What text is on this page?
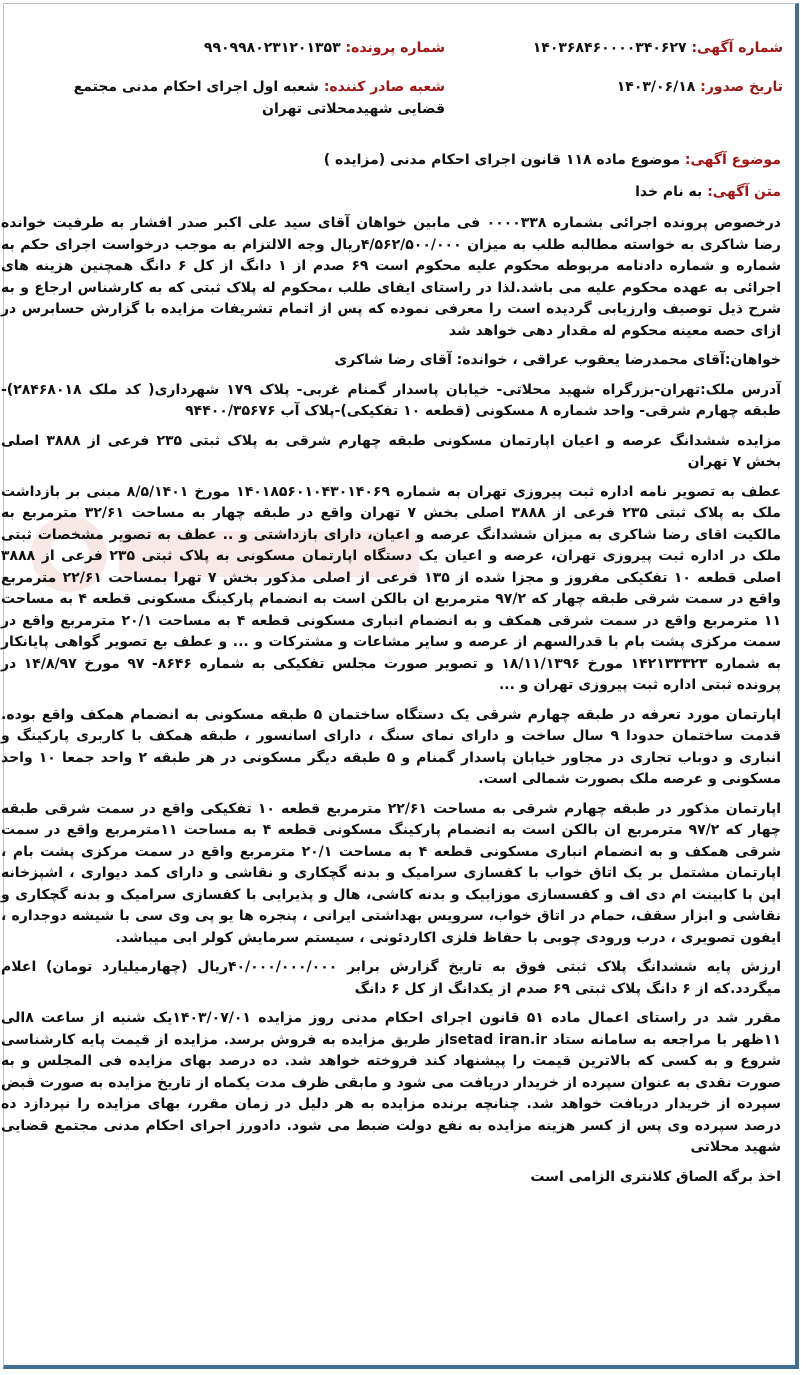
شماره آگهی: ۱۴۰۳۶۸۴۶۰۰۰۰۳۴۰۶۲۷
شماره پرونده: ۹۹۰۹۹۸۰۲۳۱۲۰۱۳۵۳
تاریخ صدور: ۱۴۰۳/۰۶/۱۸
شعبه صادر کننده: شعبه اول اجرای احکام مدنی مجتمع قضایی شهیدمحلاتی تهران

موضوع آگهی: موضوع ماده ۱۱۸ قانون اجرای احکام مدنی (مزایده )

متن آگهی: به نام خدا

درخصوص پرونده اجرائی بشماره ۰۰۰۰۳۳۸ فی مابین خواهان آقای سید علی اکبر صدر افشار به طرفیت خوانده رضا شاکری به خواسته مطالبه طلب به میزان ۴/۵۶۲/۵۰۰/۰۰۰ریال وجه الالتزام به موجب درخواست اجرای حکم به شماره و شماره دادنامه مربوطه محکوم علیه محکوم است ۶۹ صدم از ۱ دانگ از کل ۶ دانگ همچنین هزینه های اجرائی به عهده محکوم علیه می باشد.لذا در راستای ایفای طلب ،محکوم له پلاک ثبتی که به کارشناس ارجاع و به شرح ذیل توصیف وارزیابی گردیده است را معرفی نموده که پس از اتمام تشریفات مزایده با گزارش حسابرس در ازای حصه معینه محکوم له مقدار دهی خواهد شد

خواهان:آقای محمدرضا یعقوب عراقی ، خوانده: آقای رضا شاکری

آدرس ملک:تهران-بزرگراه شهید محلاتی- خیابان پاسدار گمنام غربی- پلاک ۱۷۹ شهرداری( کد ملک ۲۸۴۶۸۰۱۸)- طبقه چهارم شرقی- واحد شماره ۸ مسکونی (قطعه ۱۰ تفکیکی)-پلاک آب ۹۴۴۰۰/۳۵۶۷۶

مزایده ششدانگ عرصه و اعیان اپارتمان مسکونی طبقه چهارم شرقی به پلاک ثبتی ۲۳۵ فرعی از ۳۸۸۸ اصلی بخش ۷ تهران

عطف به تصویر نامه اداره ثبت پیروزی تهران به شماره ۱۴۰۱۸۵۶۰۱۰۴۳۰۱۴۰۶۹ مورخ ۸/۵/۱۴۰۱ مبنی بر بازداشت ملک به پلاک ثبتی ۲۳۵ فرعی از ۳۸۸۸ اصلی بخش ۷ تهران واقع در طبقه چهار به مساحت ۳۲/۶۱ مترمربع به مالکیت اقای رضا شاکری به میزان ششدانگ عرصه و اعیان، دارای بازداشتی و .. عطف به تصویر مشخصات ثبتی ملک در اداره ثبت پیروزی تهران، عرصه و اعیان یک دستگاه اپارتمان مسکونی به پلاک ثبتی ۲۳۵ فرعی از ۳۸۸۸ اصلی قطعه ۱۰ تفکیکی مفروز و مجزا شده از ۱۳۵ فرعی از اصلی مذکور بخش ۷ تهرا بمساحت ۲۲/۶۱ مترمربع واقع در سمت شرقی طبقه چهار که ۹۷/۲ مترمربع ان بالکن است به انضمام پارکینگ مسکونی قطعه ۴ به مساحت ۱۱ مترمربع واقع در سمت شرقی همکف و به انضمام انباری مسکونی قطعه ۴ به مساحت ۲۰/۱ مترمربع واقع در سمت مرکزی پشت بام با قدرالسهم از عرصه و سایر مشاعات و مشترکات و ... و عطف بع تصویر گواهی پایانکار به شماره ۱۴۲۱۳۳۳۲۳ مورخ ۱۸/۱۱/۱۳۹۶ و تصویر صورت مجلس تفکیکی به شماره ۸۶۴۶- ۹۷ مورخ ۱۴/۸/۹۷ در پرونده ثبتی اداره ثبت پیروزی تهران و ...

اپارتمان مورد تعرفه در طبقه چهارم شرقی یک دستگاه ساختمان ۵ طبقه مسکونی به انضمام همکف واقع بوده. قدمت ساختمان حدودا ۹ سال ساخت و دارای نمای سنگ ، دارای اسانسور ، طبقه همکف با کاربری پارکینگ و انباری و دوباب تجاری در مجاور خیابان پاسدار گمنام و ۵ طبقه دیگر مسکونی در هر طبقه ۲ واحد جمعا ۱۰ واحد مسکونی و عرصه ملک بصورت شمالی است.

اپارتمان مذکور در طبقه چهارم شرقی به مساحت ۲۲/۶۱ مترمربع قطعه ۱۰ تفکیکی واقع در سمت شرقی طبقه چهار که ۹۷/۲ مترمربع ان بالکن است به انضمام پارکینگ مسکونی قطعه ۴ به مساحت ۱۱مترمربع واقع در سمت شرقی همکف و به انضمام انباری مسکونی قطعه ۴ به مساحت ۲۰/۱ مترمربع واقع در سمت مرکزی پشت بام ، اپارتمان مشتمل بر یک اتاق خواب با کفسازی سرامیک و بدنه گچکاری و نقاشی و دارای کمد دیواری ، اشپزخانه اپن با کابینت ام دی اف و کفسسازی موزاییک و بدنه کاشی، هال و پذیرایی با کفسازی سرامیک و بدنه گچکاری و نقاشی و ابزار سقف، حمام در اتاق خواب، سرویس بهداشتی ایرانی ، پنجره ها یو پی وی سی با شیشه دوجداره ، ایفون تصویری ، درب ورودی چوبی با حفاظ فلزی اکاردئونی ، سیستم سرمایش کولر ابی میباشد.

ارزش پایه ششدانگ پلاک ثبتی فوق به تاریخ گزارش برابر ۴۰/۰۰۰/۰۰۰/۰۰۰ریال (چهارمیلیارد تومان) اعلام میگردد.که از ۶ دانگ پلاک ثبتی ۶۹ صدم از یکدانگ از کل ۶ دانگ

مقرر شد در راستای اعمال ماده ۵۱ قانون اجرای احکام مدنی روز مزایده ۱۴۰۳/۰۷/۰۱یک شنبه از ساعت ۸الی ۱۱ظهر با مراجعه به سامانه ستاد setad iran.irاز طریق مزایده به فروش برسد. مزایده از قیمت پایه کارشناسی شروع و به کسی که بالاترین قیمت را پیشنهاد کند فروخته خواهد شد. ده درصد بهای مزایده فی المجلس و به صورت نقدی به عنوان سپرده از خریدار دریافت می شود و مابقی ظرف مدت یکماه از تاریخ مزایده به صورت قبض سپرده از خریدار دریافت خواهد شد. چنانچه برنده مزایده به هر دلیل در زمان مقرر، بهای مزایده را نپردازد ده درصد سپرده وی پس از کسر هزینه مزایده به نفع دولت ضبط می شود. دادورز اجرای احکام مدنی مجتمع قضایی شهید محلاتی

اخذ برگه الصاق کلانتری الزامی است
